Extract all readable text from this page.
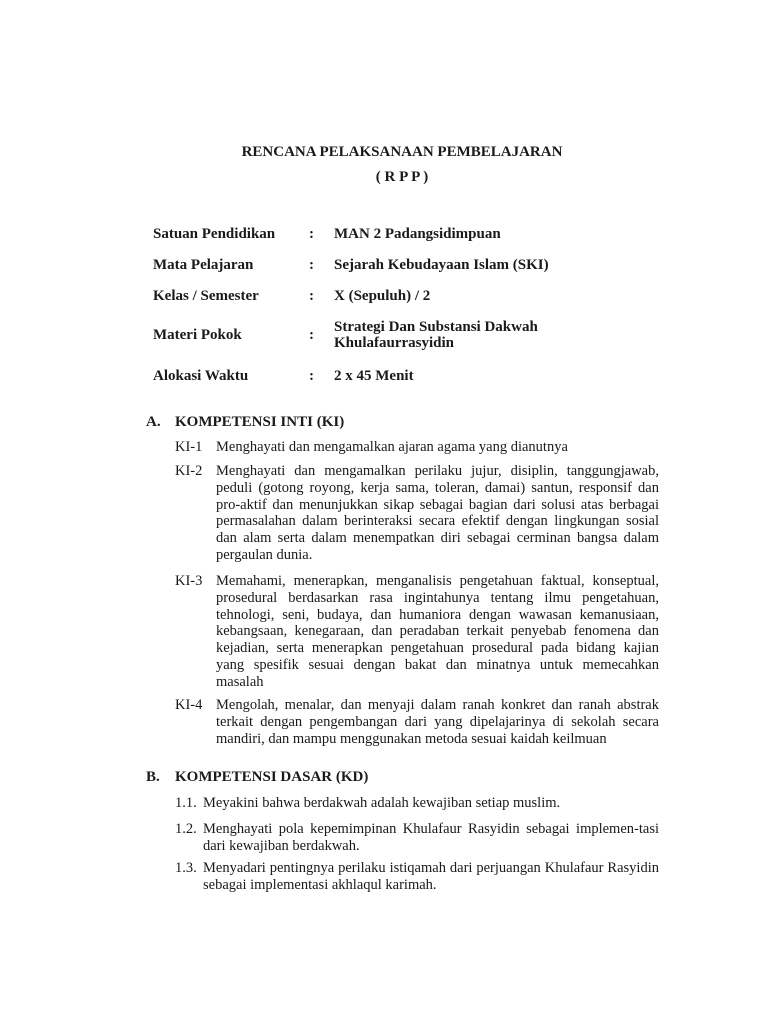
RENCANA PELAKSANAAN PEMBELAJARAN
( R P P )
Satuan Pendidikan : MAN 2 Padangsidimpuan
Mata Pelajaran	: Sejarah Kebudayaan Islam (SKI)
Kelas / Semester	: X (Sepuluh) / 2
Materi Pokok	: Strategi Dan Substansi Dakwah Khulafaurrasyidin
Alokasi Waktu	: 2 x 45 Menit
A. KOMPETENSI INTI (KI)
KI-1 Menghayati dan mengamalkan ajaran agama yang dianutnya
KI-2 Menghayati dan mengamalkan perilaku jujur, disiplin, tanggungjawab, peduli (gotong royong, kerja sama, toleran, damai) santun, responsif dan pro-aktif dan menunjukkan sikap sebagai bagian dari solusi atas berbagai permasalahan dalam berinteraksi secara efektif dengan lingkungan sosial dan alam serta dalam menempatkan diri sebagai cerminan bangsa dalam pergaulan dunia.
KI-3 Memahami, menerapkan, menganalisis pengetahuan faktual, konseptual, prosedural berdasarkan rasa ingintahunya tentang ilmu pengetahuan, tehnologi, seni, budaya, dan humaniora dengan wawasan kemanusiaan, kebangsaan, kenegaraan, dan peradaban terkait penyebab fenomena dan kejadian, serta menerapkan pengetahuan prosedural pada bidang kajian yang spesifik sesuai dengan bakat dan minatnya untuk memecahkan masalah
KI-4 Mengolah, menalar, dan menyaji dalam ranah konkret dan ranah abstrak terkait dengan pengembangan dari yang dipelajarinya di sekolah secara mandiri, dan mampu menggunakan metoda sesuai kaidah keilmuan
B. KOMPETENSI DASAR (KD)
1.1. Meyakini bahwa berdakwah adalah kewajiban setiap muslim.
1.2. Menghayati pola kepemimpinan Khulafaur Rasyidin sebagai implemen-tasi dari kewajiban berdakwah.
1.3. Menyadari pentingnya perilaku istiqamah dari perjuangan Khulafaur Rasyidin sebagai implementasi akhlaqul karimah.
